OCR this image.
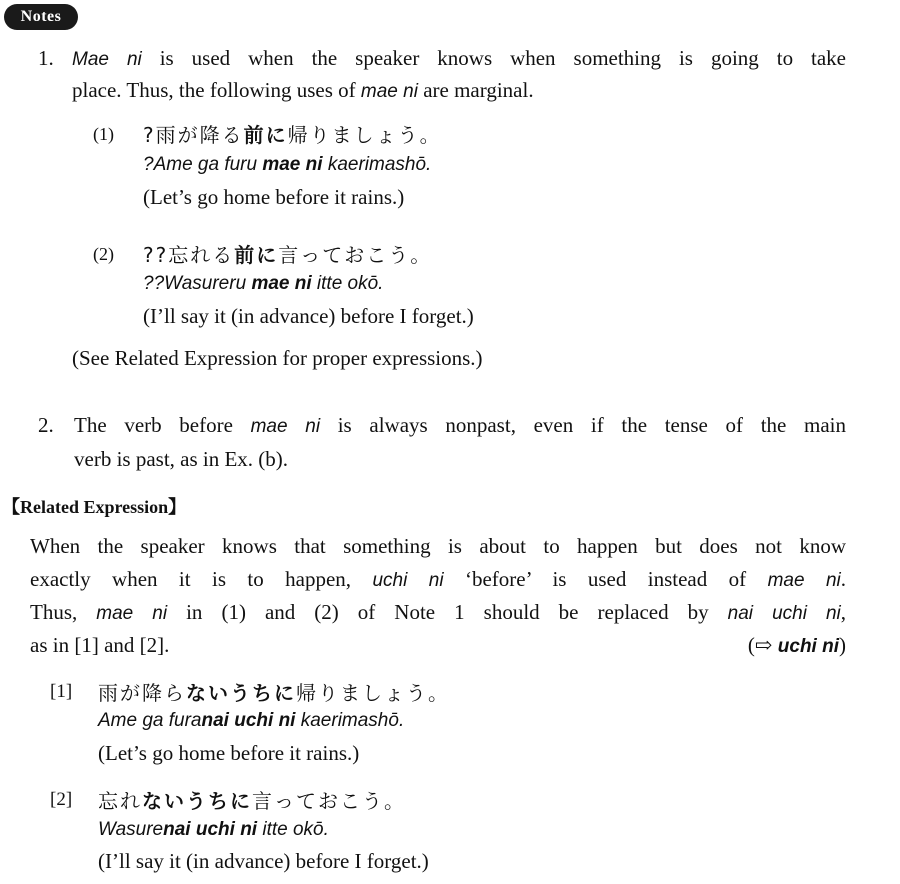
Notes
1. Mae ni is used when the speaker knows when something is going to take
place. Thus, the following uses of mae ni are marginal.
(1) ?雨が降る前に帰りましょう。
?Ame ga furu mae ni kaerimashō.
(Let’s go home before it rains.)
(2) ??忘れる前に言っておこう。
??Wasureru mae ni itte okō.
(I’ll say it (in advance) before I forget.)
(See Related Expression for proper expressions.)
2. The verb before mae ni is always nonpast, even if the tense of the main
verb is past, as in Ex. (b).
【Related Expression】
When the speaker knows that something is about to happen but does not know
exactly when it is to happen, uchi ni ‘before’ is used instead of mae ni.
Thus, mae ni in (1) and (2) of Note 1 should be replaced by nai uchi ni,
as in [1] and [2].	(⇨ uchi ni)
[1] 雨が降らないうちに帰りましょう。
Ame ga furanai uchi ni kaerimashō.
(Let’s go home before it rains.)
[2] 忘れないうちに言っておこう。
Wasurenai uchi ni itte okō.
(I’ll say it (in advance) before I forget.)
